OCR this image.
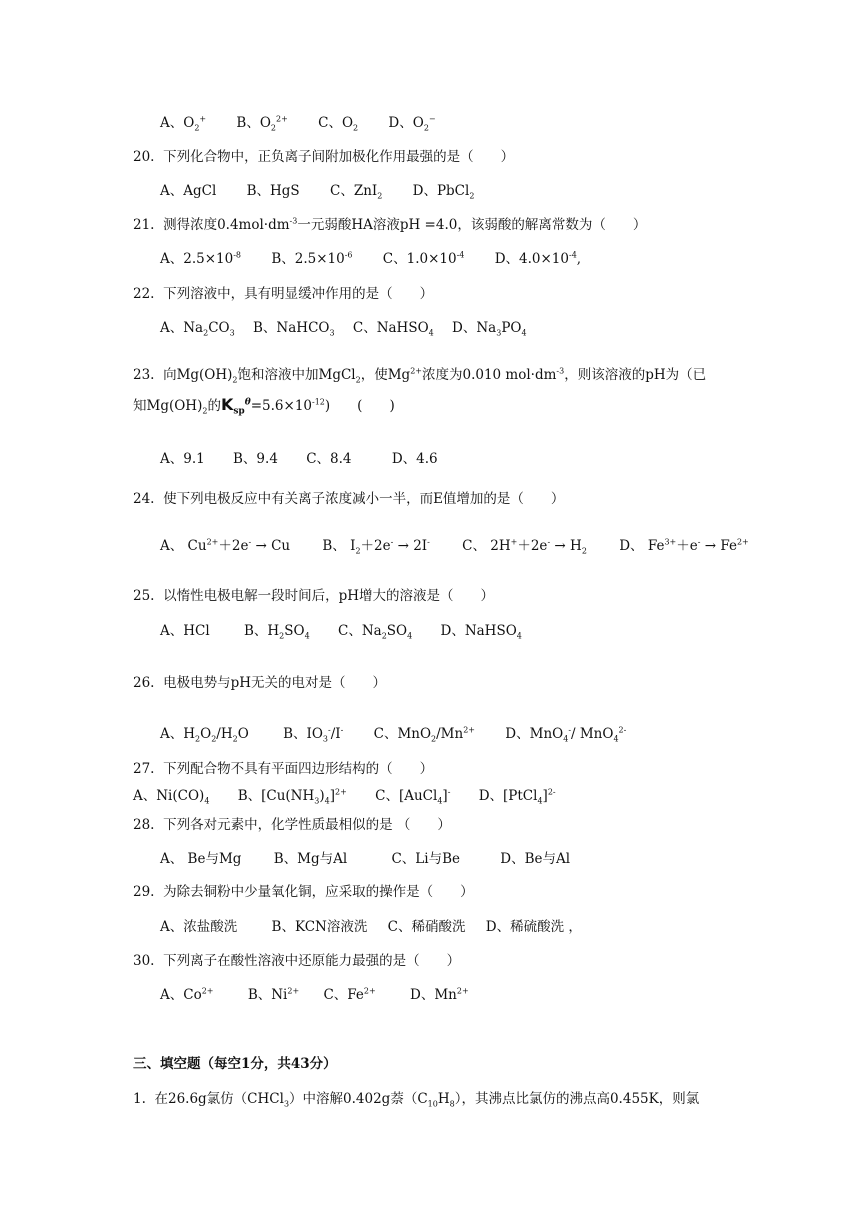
A、$O_2^+$ B、$O_2^{2+}$ C、$O_2$ D、$O_2^-$
20. 下列化合物中，正负离子间附加极化作用最强的是（　　）
A、AgCl B、HgS C、ZnI$_2$ D、PbCl$_2$
21. 测得浓度$0.4mol\cdot dm^{-3}$一元弱酸HA溶液pH =4.0，该弱酸的解离常数为（　　）
A、$2.5\times 10^{-8}$ B、$2.5\times 10^{-6}$ C、$1.0\times 10^{-4}$ D、$4.0\times 10^{-4}$,
22. 下列溶液中，具有明显缓冲作用的是（　　）
A、$Na_2CO_3$ B、NaHCO$_3$ C、NaHSO$_4$ D、$Na_3PO_4$
23.  向$Mg(OH)_2$饱和溶液中加MgCl$_2$，使$Mg^{2+}$浓度为0.010 $mol\cdot dm^{-3}$，则该溶液的pH为（已
知$Mg(OH)_2$的$K_{sp}^\theta=5.6\times 10^{-12}$)　　(　　)
A、9.1 B、9.4 C、8.4	D、4.6
24. 使下列电极反应中有关离子浓度减小一半，而E值增加的是（　　）
A、 $Cu^{2+}+2e^- \to Cu$ B、 $I_2+2e^- \to 2I^-$ C、 $2H^++2e^- \to H_2$ D、 $Fe^{3+}+e^- \to Fe^{2+}$
25. 以惰性电极电解一段时间后，pH增大的溶液是（　　）
A、HCl	B、$H_2SO_4$ C、$Na_2SO_4$ D、NaHSO$_4$
26. 电极电势与pH无关的电对是（　　）
A、$H_2O_2/H_2O$	B、$IO_3^-/I^-$ C、$MnO_2/Mn^{2+}$ D、MnO$_4$-/ MnO$_4^{2-}$
27. 下列配合物不具有平面四边形结构的（　　）
A、$Ni(CO)_4$ B、$[Cu(NH_3)_4]^{2+}$ C、[AuCl$_4$]- D、[PtCl$_4$]$^{2-}$
28. 下列各对元素中，化学性质最相似的是 （　　）
A、 Be与Mg B、Mg与Al	C、Li与Be	D、Be与Al
29. 为除去铜粉中少量氧化铜，应采取的操作是（　　）
A、浓盐酸洗	B、KCN溶液洗 C、稀硝酸洗 D、稀硫酸洗 ，
30. 下列离子在酸性溶液中还原能力最强的是（　　）
A、$Co^{2+}$	B、$Ni^{2+}$ C、$Fe^{2+}$	D、$Mn^{2+}$
三、填空题（每空1分，共43分）
1. 在26.6g氯仿（CHCl$_3$）中溶解0.402g萘$(C_{10}H_8)$，其沸点比氯仿的沸点高0.455K，则氯
